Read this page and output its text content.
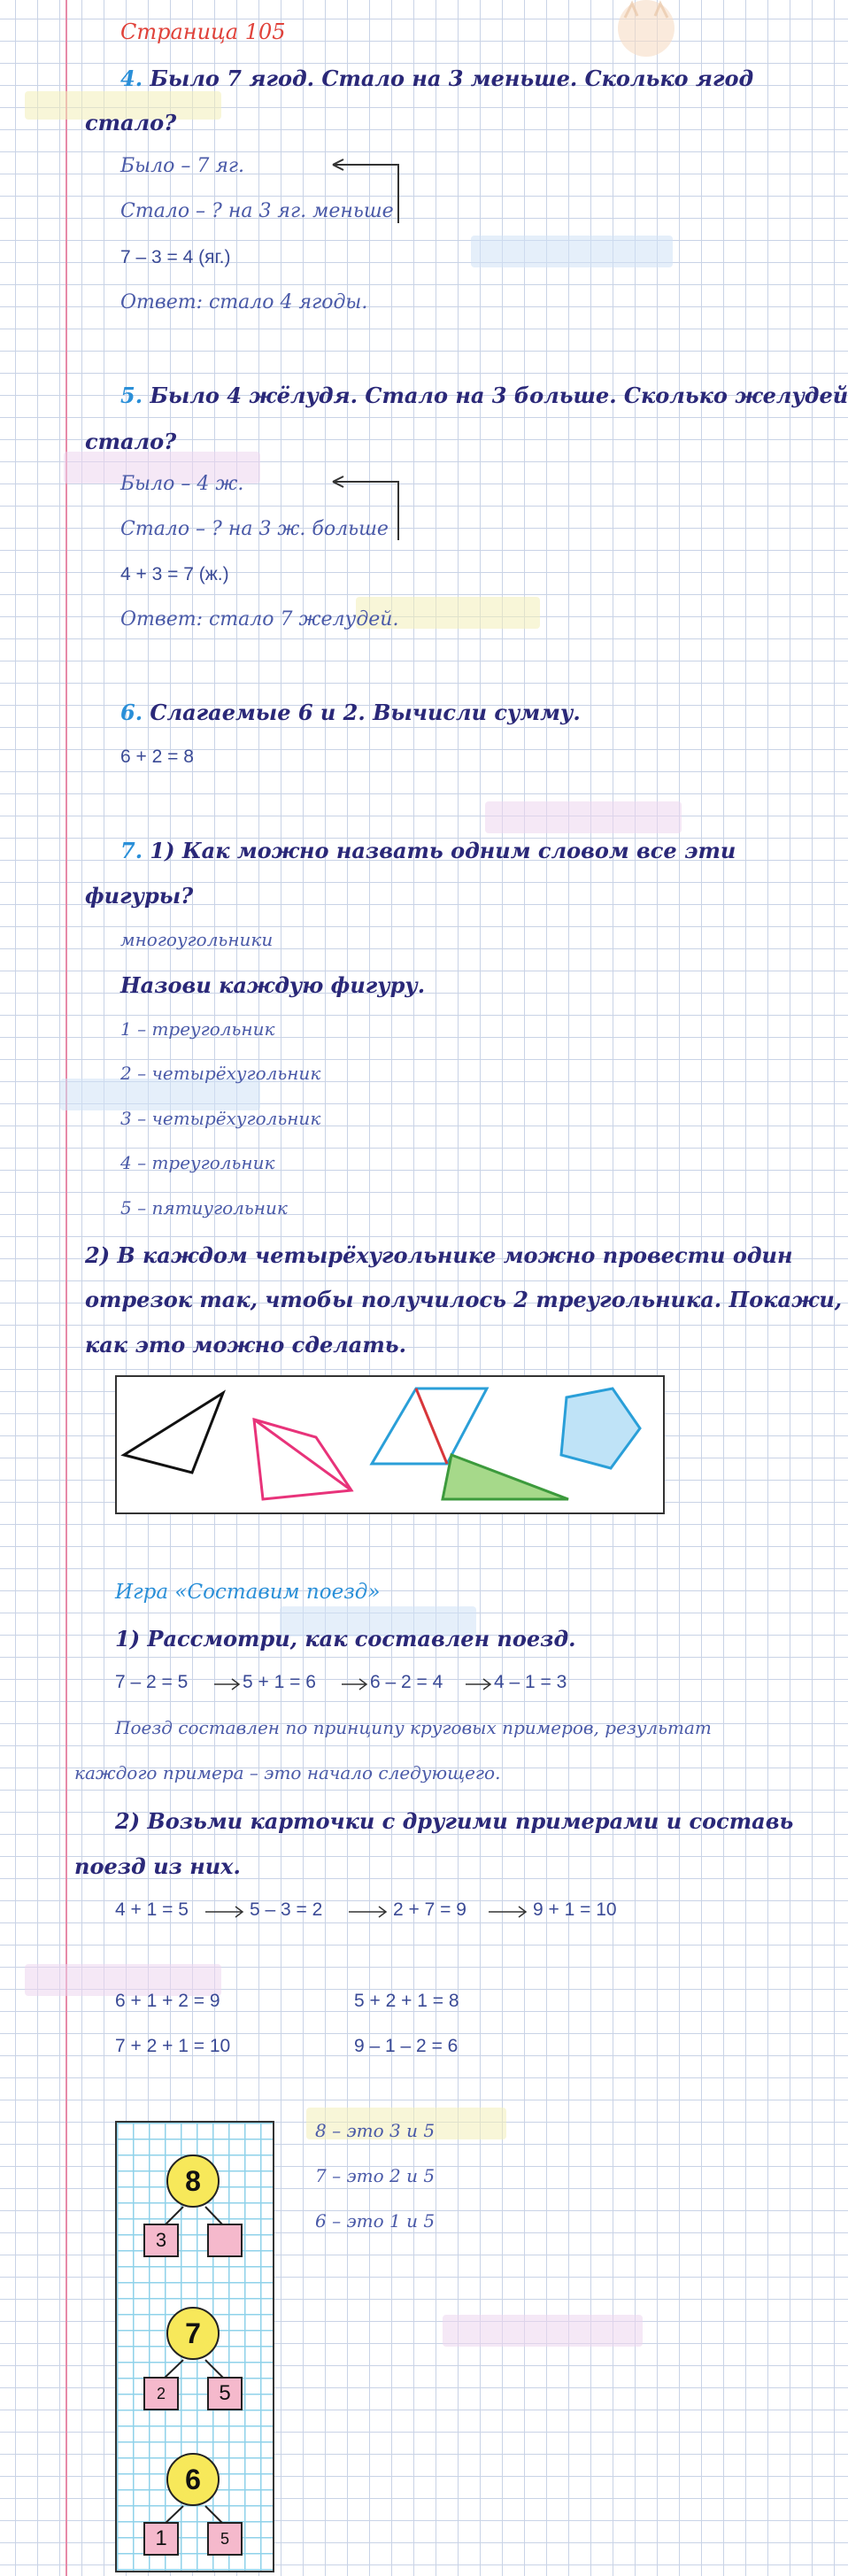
Страница 105
4. Было 7 ягод. Стало на 3 меньше. Сколько ягод
стало?
Было – 7 яг.
Стало – ? на 3 яг. меньше
7 – 3 = 4 (яг.)
Ответ: стало 4 ягоды.
5. Было 4 жёлудя. Стало на 3 больше. Сколько желудей
стало?
Было – 4 ж.
Стало – ? на 3 ж. больше
4 + 3 = 7 (ж.)
Ответ: стало 7 желудей.
6. Слагаемые 6 и 2. Вычисли сумму.
6 + 2 = 8
7. 1) Как можно назвать одним словом все эти
фигуры?
многоугольники
Назови каждую фигуру.
1 – треугольник
2 – четырёхугольник
3 – четырёхугольник
4 – треугольник
5 – пятиугольник
2) В каждом четырёхугольнике можно провести один
отрезок так, чтобы получилось 2 треугольника. Покажи,
как это можно сделать.
Игра «Составим поезд»
1) Рассмотри, как составлен поезд.
7 – 2 = 5	5 + 1 = 6	6 – 2 = 4	4 – 1 = 3
Поезд составлен по принципу круговых примеров, результат
каждого примера – это начало следующего.
2) Возьми карточки с другими примерами и составь
поезд из них.
4 + 1 = 5	5 – 3 = 2	2 + 7 = 9	9 + 1 = 10
6 + 1 + 2 = 9	5 + 2 + 1 = 8
7 + 2 + 1 = 10	9 – 1 – 2 = 6
8
3
7
2	5
6
1	5
8 – это 3 и 5
7 – это 2 и 5
6 – это 1 и 5
